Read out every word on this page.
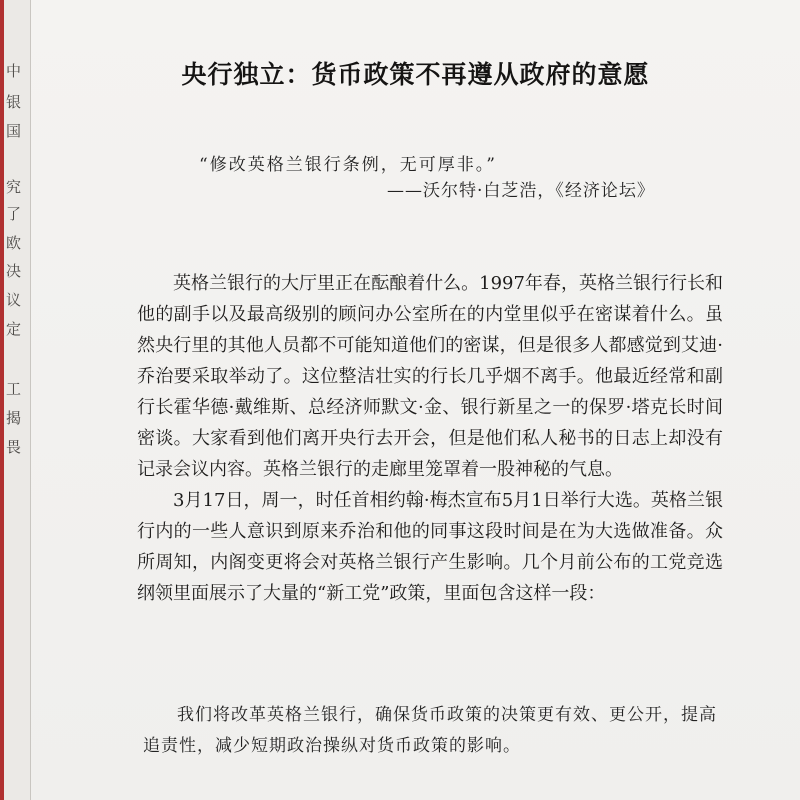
中
银
国
究
了
欧
决
议
定
工
揭
畏
央行独立：货币政策不再遵从政府的意愿
“修改英格兰银行条例，无可厚非。”
——沃尔特·白芝浩，《经济论坛》

英格兰银行的大厅里正在酝酿着什么。1997年春，英格兰银行行长和他的副手以及最高级别的顾问办公室所在的内堂里似乎在密谋着什么。虽然央行里的其他人员都不可能知道他们的密谋，但是很多人都感觉到艾迪·乔治要采取举动了。这位整洁壮实的行长几乎烟不离手。他最近经常和副行长霍华德·戴维斯、总经济师默文·金、银行新星之一的保罗·塔克长时间密谈。大家看到他们离开央行去开会，但是他们私人秘书的日志上却没有记录会议内容。英格兰银行的走廊里笼罩着一股神秘的气息。

3月17日，周一，时任首相约翰·梅杰宣布5月1日举行大选。英格兰银行内的一些人意识到原来乔治和他的同事这段时间是在为大选做准备。众所周知，内阁变更将会对英格兰银行产生影响。几个月前公布的工党竞选纲领里面展示了大量的“新工党”政策，里面包含这样一段：

我们将改革英格兰银行，确保货币政策的决策更有效、更公开，提高追责性，减少短期政治操纵对货币政策的影响。
